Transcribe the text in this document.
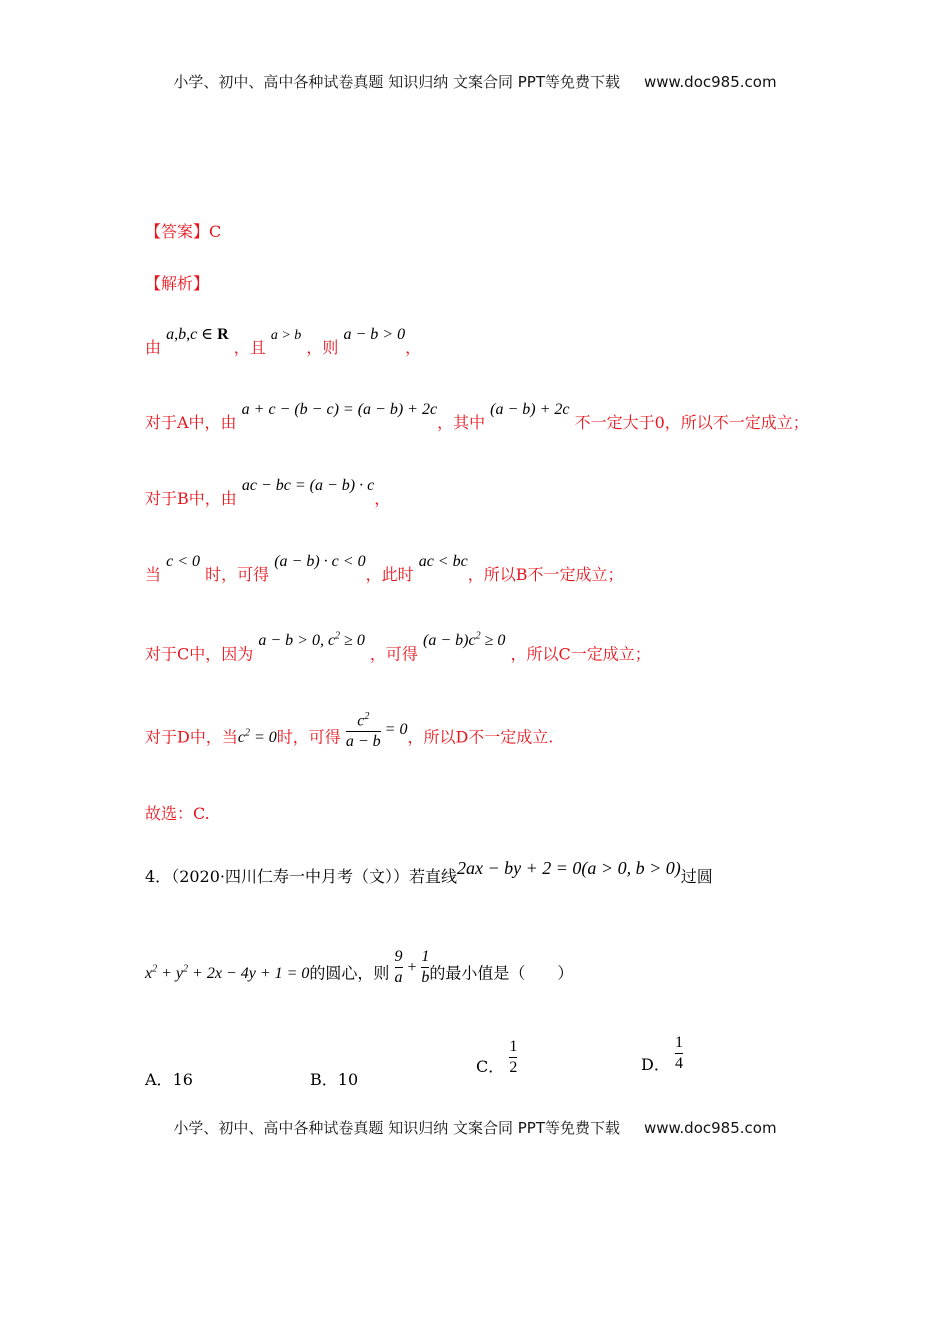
小学、初中、高中各种试卷真题 知识归纳 文案合同 PPT等免费下载 www.doc985.com
【答案】C
【解析】
由 a,b,c ∈ R ，且 a > b ，则 a − b > 0，
对于A中，由 a + c − (b − c) = (a − b) + 2c，其中 (a − b) + 2c 不一定大于0，所以不一定成立；
对于B中，由 ac − bc = (a − b) · c，
当 c < 0 时，可得 (a − b) · c < 0，此时 ac < bc，所以B不一定成立；
对于C中，因为 a − b > 0, $c^2 \ge 0$ ，可得 $(a - b)c^2 \ge 0$ ，所以C一定成立；
对于D中，当$c^2 = 0$时，可得 $\frac{c^2}{a - b} = 0$，所以D不一定成立.
故选：C.
4．（2020·四川仁寿一中月考（文））若直线2ax − by + 2 = 0(a > 0, b > 0)过圆
$x^2 + y^2 + 2x - 4y + 1 = 0$的圆心，则 $\frac{9}{a} + \frac{1}{b}$ 的最小值是（　　）
A．16	B．10
C． $\frac{1}{2}$	D． $\frac{1}{4}$
小学、初中、高中各种试卷真题 知识归纳 文案合同 PPT等免费下载 www.doc985.com
